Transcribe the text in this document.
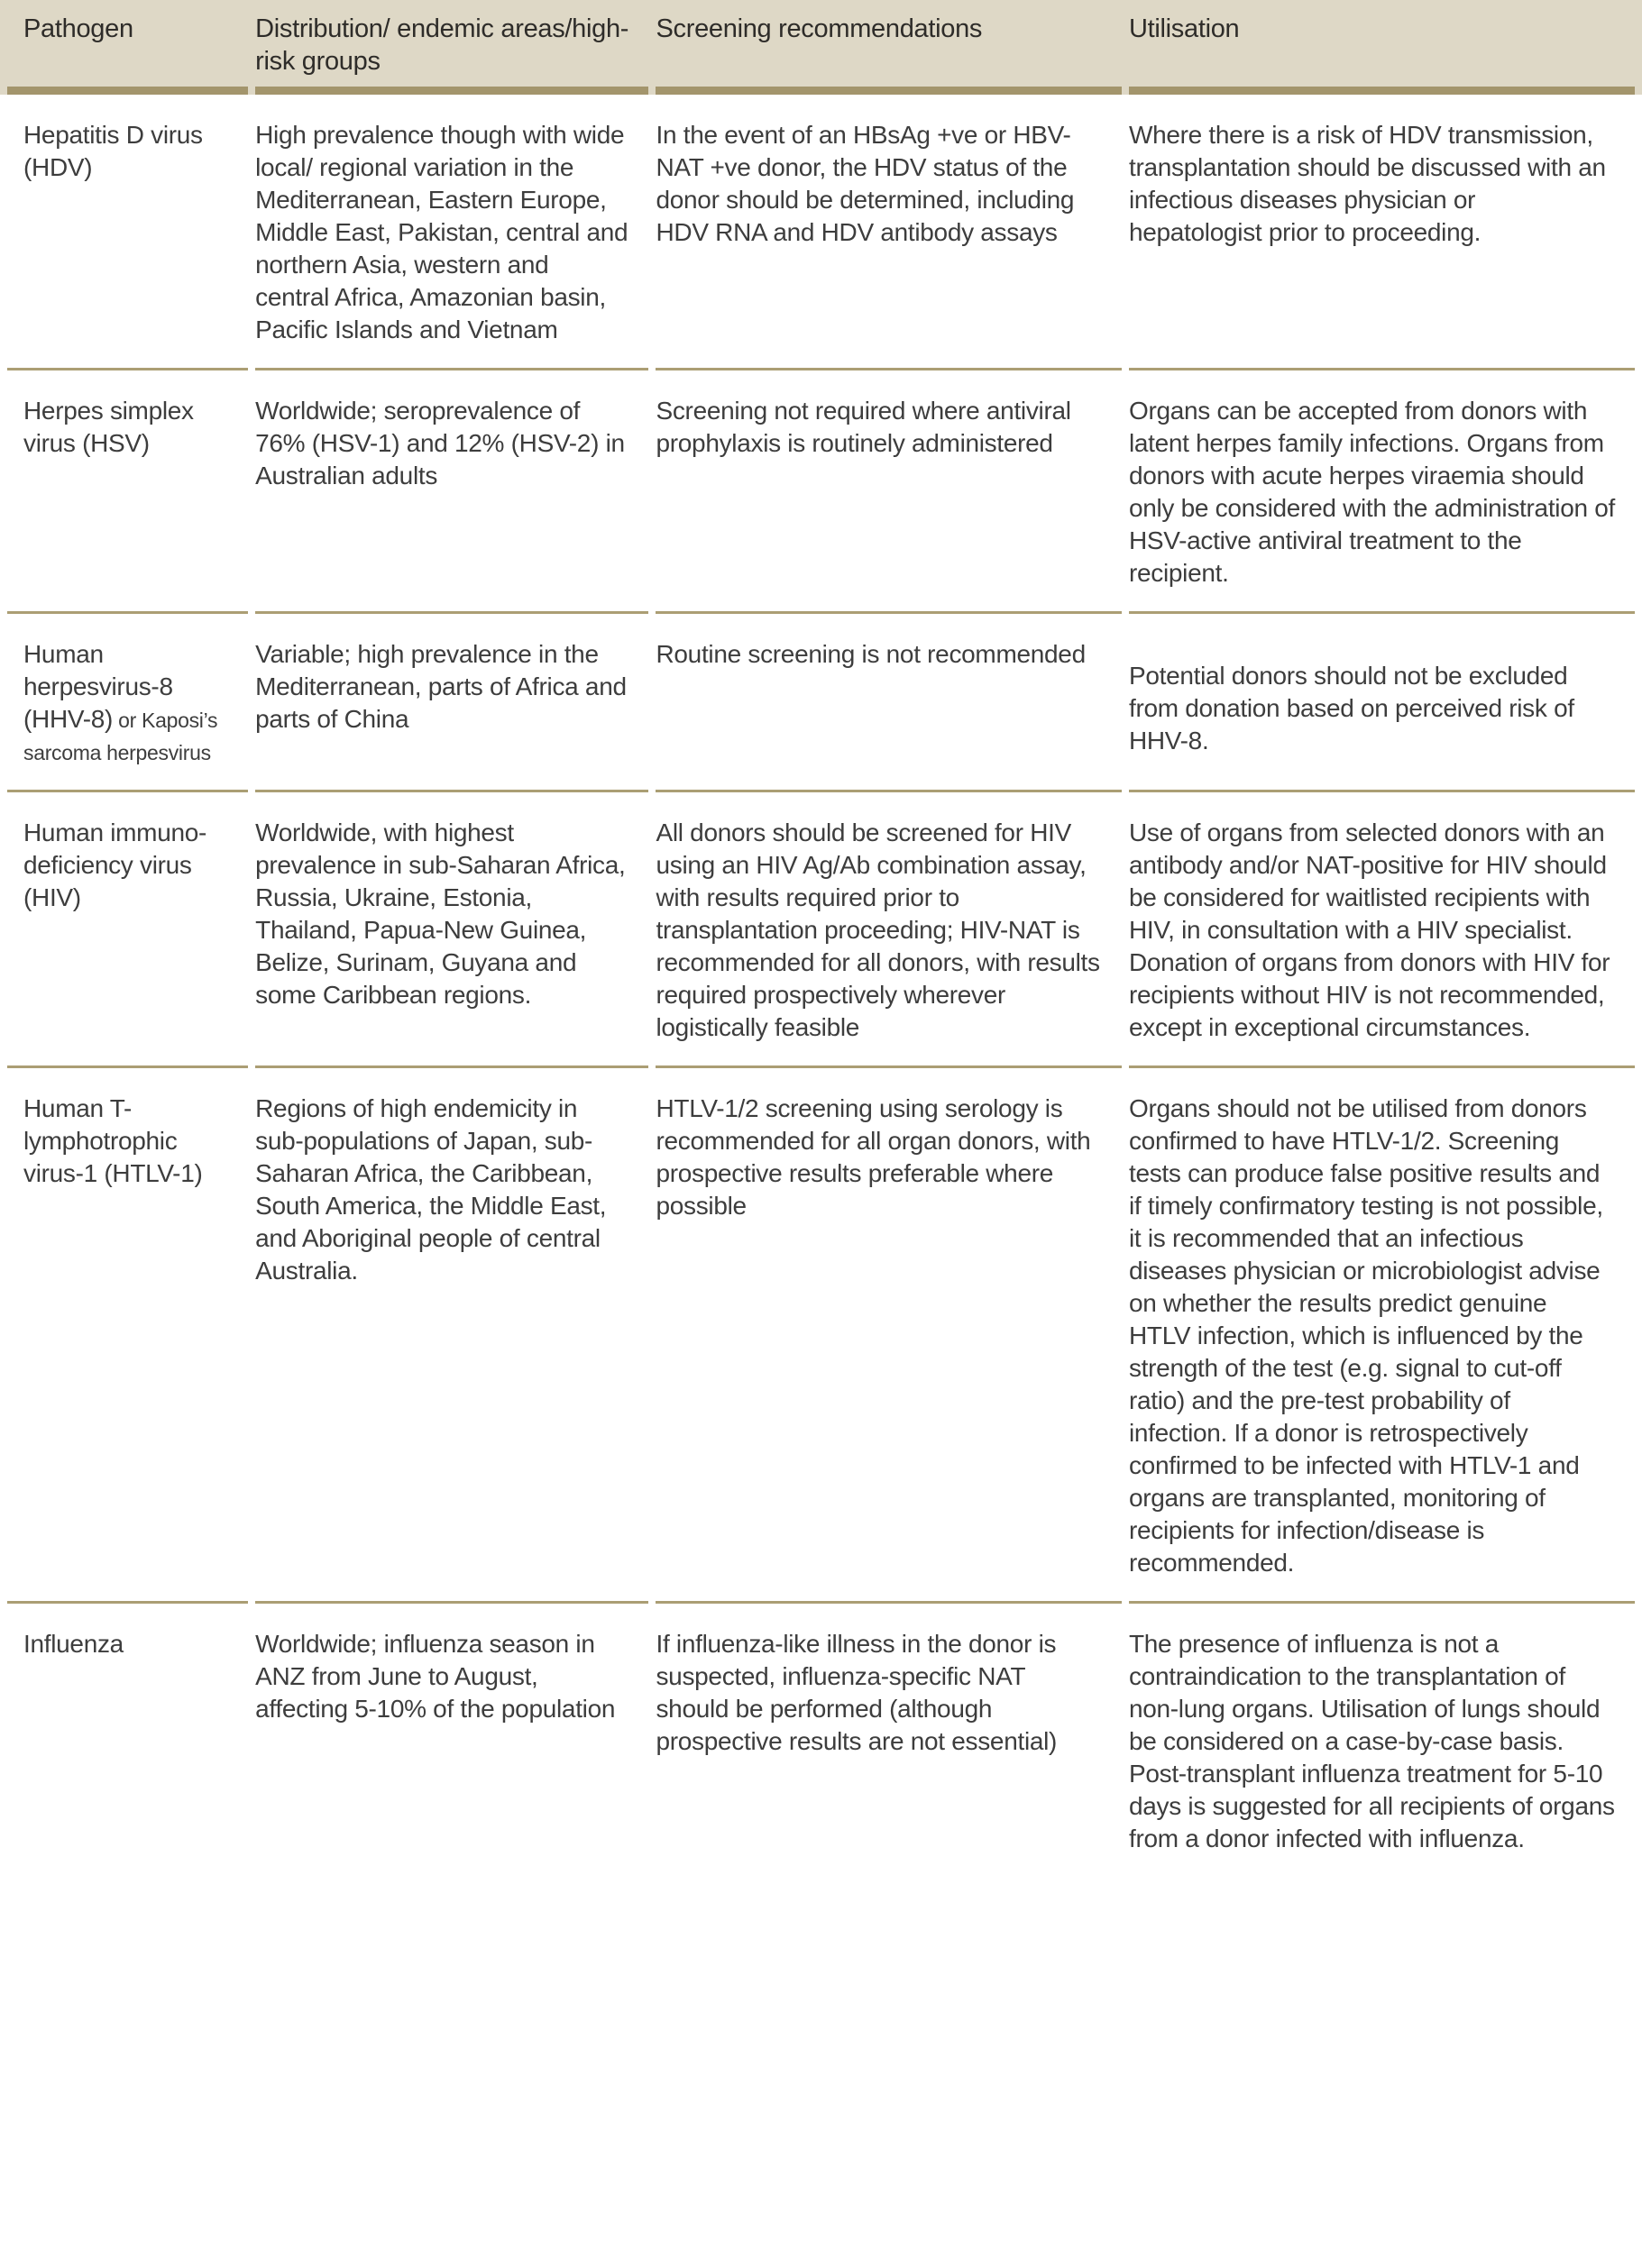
Pathogen	Distribution/ endemic areas/high-risk groups	Screening recommendations	Utilisation
Hepatitis D virus (HDV)	High prevalence though with wide local/ regional variation in the Mediterranean, Eastern Europe, Middle East, Pakistan, central and northern Asia, western and central Africa, Amazonian basin, Pacific Islands and Vietnam	In the event of an HBsAg +ve or HBV-NAT +ve donor, the HDV status of the donor should be determined, including HDV RNA and HDV antibody assays	Where there is a risk of HDV transmission, transplantation should be discussed with an infectious diseases physician or hepatologist prior to proceeding.
Herpes simplex virus (HSV)	Worldwide; seroprevalence of 76% (HSV-1) and 12% (HSV-2) in Australian adults	Screening not required where antiviral prophylaxis is routinely administered	Organs can be accepted from donors with latent herpes family infections. Organs from donors with acute herpes viraemia should only be considered with the administration of HSV-active antiviral treatment to the recipient.
Human herpesvirus-8 (HHV-8) or Kaposi’s sarcoma herpesvirus	Variable; high prevalence in the Mediterranean, parts of Africa and parts of China	Routine screening is not recommended	Potential donors should not be excluded from donation based on perceived risk of HHV-8.
Human immuno-deficiency virus (HIV)	Worldwide, with highest prevalence in sub-Saharan Africa, Russia, Ukraine, Estonia, Thailand, Papua-New Guinea, Belize, Surinam, Guyana and some Caribbean regions.	All donors should be screened for HIV using an HIV Ag/Ab combination assay, with results required prior to transplantation proceeding; HIV-NAT is recommended for all donors, with results required prospectively wherever logistically feasible	Use of organs from selected donors with an antibody and/or NAT-positive for HIV should be considered for waitlisted recipients with HIV, in consultation with a HIV specialist. Donation of organs from donors with HIV for recipients without HIV is not recommended, except in exceptional circumstances.
Human T-lymphotrophic virus-1 (HTLV-1)	Regions of high endemicity in sub-populations of Japan, sub-Saharan Africa, the Caribbean, South America, the Middle East, and Aboriginal people of central Australia.	HTLV-1/2 screening using serology is recommended for all organ donors, with prospective results preferable where possible	Organs should not be utilised from donors confirmed to have HTLV-1/2. Screening tests can produce false positive results and if timely confirmatory testing is not possible, it is recommended that an infectious diseases physician or microbiologist advise on whether the results predict genuine HTLV infection, which is influenced by the strength of the test (e.g. signal to cut-off ratio) and the pre-test probability of infection. If a donor is retrospectively confirmed to be infected with HTLV-1 and organs are transplanted, monitoring of recipients for infection/disease is recommended.
Influenza	Worldwide; influenza season in ANZ from June to August, affecting 5-10% of the population	If influenza-like illness in the donor is suspected, influenza-specific NAT should be performed (although prospective results are not essential)	The presence of influenza is not a contraindication to the transplantation of non-lung organs. Utilisation of lungs should be considered on a case-by-case basis. Post-transplant influenza treatment for 5-10 days is suggested for all recipients of organs from a donor infected with influenza.
